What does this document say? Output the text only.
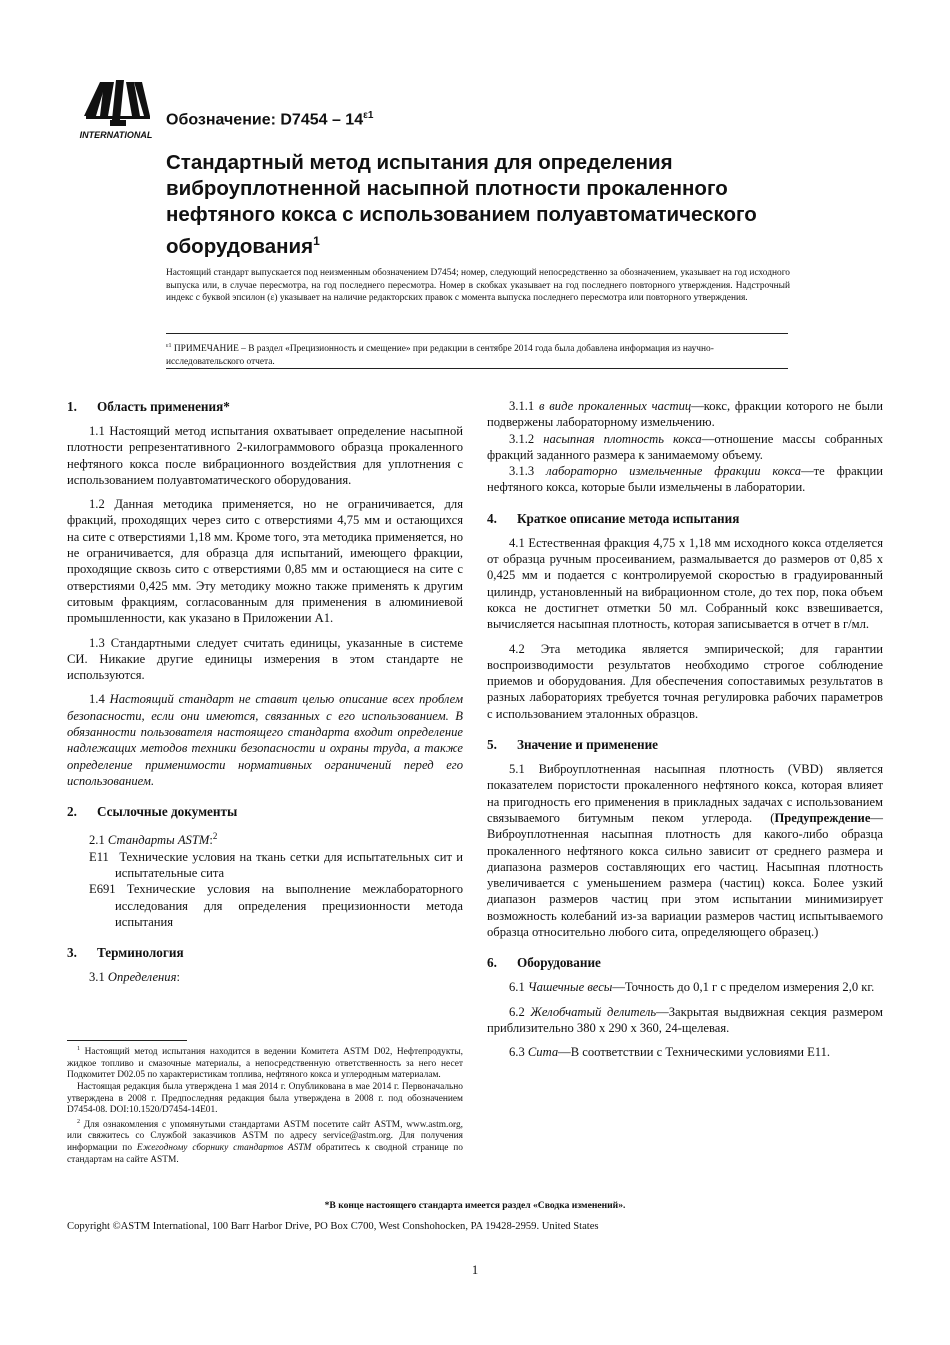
INTERNATIONAL
Обозначение: $D7454 - 14^{\varepsilon 1}$
Стандартный метод испытания для определения виброуплотненной насыпной плотности прокаленного нефтяного кокса с использованием полуавтоматического оборудования$^1$
Настоящий стандарт выпускается под неизменным обозначением D7454; номер, следующий непосредственно за обозначением, указывает на год исходного выпуска или, в случае пересмотра, на год последнего пересмотра. Номер в скобках указывает на год последнего повторного утверждения. Надстрочный индекс с буквой эпсилон (ε) указывает на наличие редакторских правок с момента выпуска последнего пересмотра или повторного утверждения.
$^{\varepsilon 1}$ ПРИМЕЧАНИЕ – В раздел «Прецизионность и смещение» при редакции в сентябре 2014 года была добавлена информация из научно-исследовательского отчета.
1. Область применения*

1.1 Настоящий метод испытания охватывает определение насыпной плотности репрезентативного 2-килограммового образца прокаленного нефтяного кокса после вибрационного воздействия для уплотнения с использованием полуавтоматического оборудования.

1.2 Данная методика применяется, но не ограничивается, для фракций, проходящих через сито с отверстиями 4,75 мм и остающихся на сите с отверстиями 1,18 мм. Кроме того, эта методика применяется, но не ограничивается, для образца для испытаний, имеющего фракции, проходящие сквозь сито с отверстиями 0,85 мм и остающиеся на сите с отверстиями 0,425 мм. Эту методику можно также применять к другим ситовым фракциям, согласованным для применения в алюминиевой промышленности, как указано в Приложении A1.

1.3 Стандартными следует считать единицы, указанные в системе СИ. Никакие другие единицы измерения в этом стандарте не используются.

1.4 Настоящий стандарт не ставит целью описание всех проблем безопасности, если они имеются, связанных с его использованием. В обязанности пользователя настоящего стандарта входит определение надлежащих методов техники безопасности и охраны труда, а также определение применимости нормативных ограничений перед его использованием.

2. Ссылочные документы

2.1 Стандарты ASTM:$^2$

E11 Технические условия на ткань сетки для испытательных сит и испытательные сита
E691 Технические условия на выполнение межлабораторного исследования для определения прецизионности метода испытания
3. Терминология

3.1 Определения:

$^1$ Настоящий метод испытания находится в ведении Комитета ASTM D02, Нефтепродукты, жидкое топливо и смазочные материалы, а непосредственную ответственность за него несет Подкомитет D02.05 по характеристикам топлива, нефтяного кокса и углеродным материалам.

Настоящая редакция была утверждена 1 мая 2014 г. Опубликована в мае 2014 г. Первоначально утверждена в 2008 г. Предпоследняя редакция была утверждена в 2008 г. под обозначением D7454-08. DOI:10.1520/D7454-14E01.

$^2$ Для ознакомления с упомянутыми стандартами ASTM посетите сайт ASTM, www.astm.org, или свяжитесь со Службой заказчиков ASTM по адресу service@astm.org. Для получения информации по Ежегодному сборнику стандартов ASTM обратитесь к сводной странице по стандартам на сайте ASTM.

3.1.1 в виде прокаленных частиц—кокс, фракции которого не были подвержены лабораторному измельчению.

3.1.2 насыпная плотность кокса—отношение массы собранных фракций заданного размера к занимаемому объему.

3.1.3 лабораторно измельченные фракции кокса—те фракции нефтяного кокса, которые были измельчены в лаборатории.

4. Краткое описание метода испытания

4.1 Естественная фракция 4,75 x 1,18 мм исходного кокса отделяется от образца ручным просеиванием, размалывается до размеров от 0,85 x 0,425 мм и подается с контролируемой скоростью в градуированный цилиндр, установленный на вибрационном столе, до тех пор, пока объем кокса не достигнет отметки 50 мл. Собранный кокс взвешивается, вычисляется насыпная плотность, которая записывается в отчет в г/мл.

4.2 Эта методика является эмпирической; для гарантии воспроизводимости результатов необходимо строгое соблюдение приемов и оборудования. Для обеспечения сопоставимых результатов в разных лабораториях требуется точная регулировка рабочих параметров с использованием эталонных образцов.

5. Значение и применение

5.1 Виброуплотненная насыпная плотность (VBD) является показателем пористости прокаленного нефтяного кокса, которая влияет на пригодность его применения в прикладных задачах с использованием связываемого битумным пеком углерода. (Предупреждение—Виброуплотненная насыпная плотность для какого-либо образца прокаленного нефтяного кокса сильно зависит от среднего размера и диапазона размеров составляющих его частиц. Насыпная плотность увеличивается с уменьшением размера (частиц) кокса. Более узкий диапазон размеров частиц при этом испытании минимизирует возможность колебаний из-за вариации размеров частиц испытываемого образца относительно любого сита, определяющего образец.)

6. Оборудование

6.1 Чашечные весы—Точность до 0,1 г с пределом измерения 2,0 кг.

6.2 Желобчатый делитель—Закрытая выдвижная секция размером приблизительно 380 x 290 x 360, 24-щелевая.

6.3 Сита—В соответствии с Техническими условиями E11.

*В конце настоящего стандарта имеется раздел «Сводка изменений».
Copyright ©ASTM International, 100 Barr Harbor Drive, PO Box C700, West Conshohocken, PA 19428-2959. United States
1
